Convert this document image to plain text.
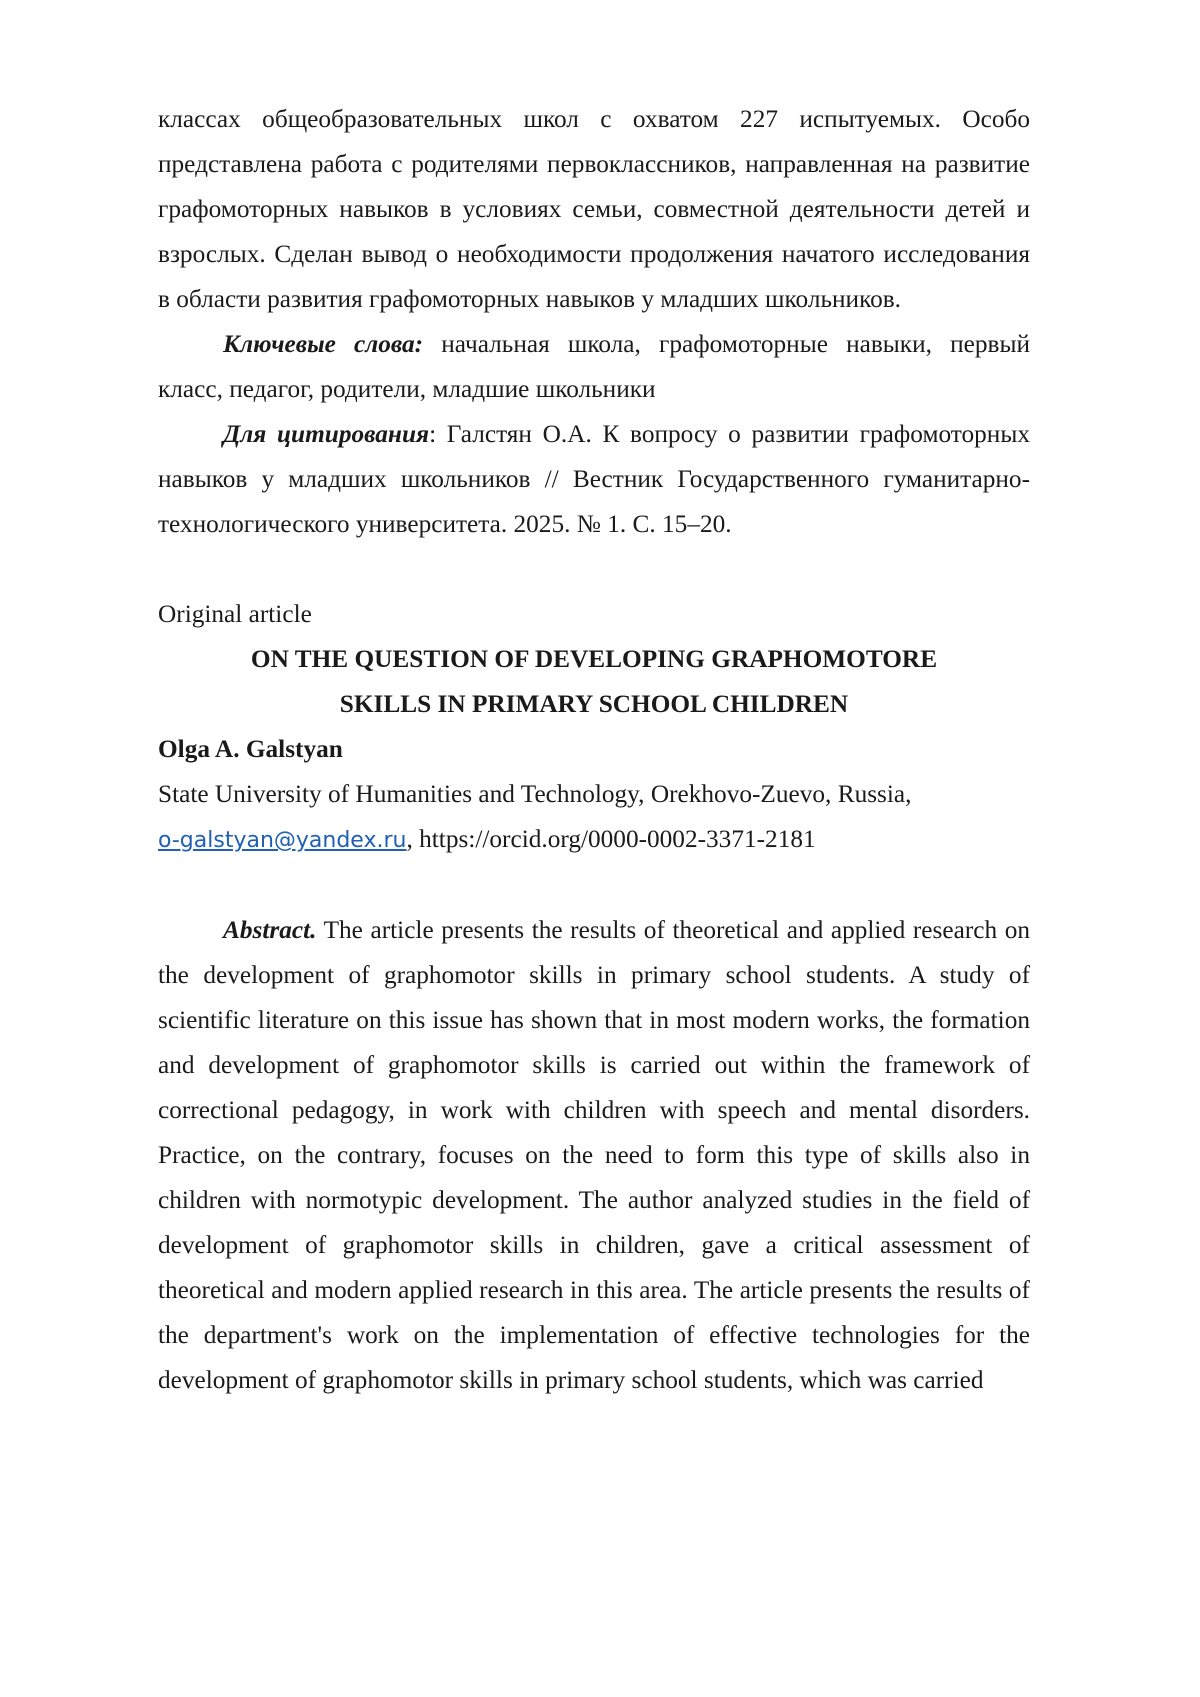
классах общеобразовательных школ с охватом 227 испытуемых. Особо представлена работа с родителями первоклассников, направленная на развитие графомоторных навыков в условиях семьи, совместной деятельности детей и взрослых. Сделан вывод о необходимости продолжения начатого исследования в области развития графомоторных навыков у младших школьников.

Ключевые слова: начальная школа, графомоторные навыки, первый класс, педагог, родители, младшие школьники

Для цитирования: Галстян О.А. К вопросу о развитии графомоторных навыков у младших школьников // Вестник Государственного гуманитарно-технологического университета. 2025. № 1. С. 15–20.

Original article

ON THE QUESTION OF DEVELOPING GRAPHOMOTORE

SKILLS IN PRIMARY SCHOOL CHILDREN

Olga A. Galstyan

State University of Humanities and Technology, Orekhovo-Zuevo, Russia,

o-galstyan@yandex.ru, https://orcid.org/0000-0002-3371-2181

Abstract. The article presents the results of theoretical and applied research on the development of graphomotor skills in primary school students. A study of scientific literature on this issue has shown that in most modern works, the formation and development of graphomotor skills is carried out within the framework of correctional pedagogy, in work with children with speech and mental disorders. Practice, on the contrary, focuses on the need to form this type of skills also in children with normotypic development. The author analyzed studies in the field of development of graphomotor skills in children, gave a critical assessment of theoretical and modern applied research in this area. The article presents the results of the department's work on the implementation of effective technologies for the development of graphomotor skills in primary school students, which was carried
